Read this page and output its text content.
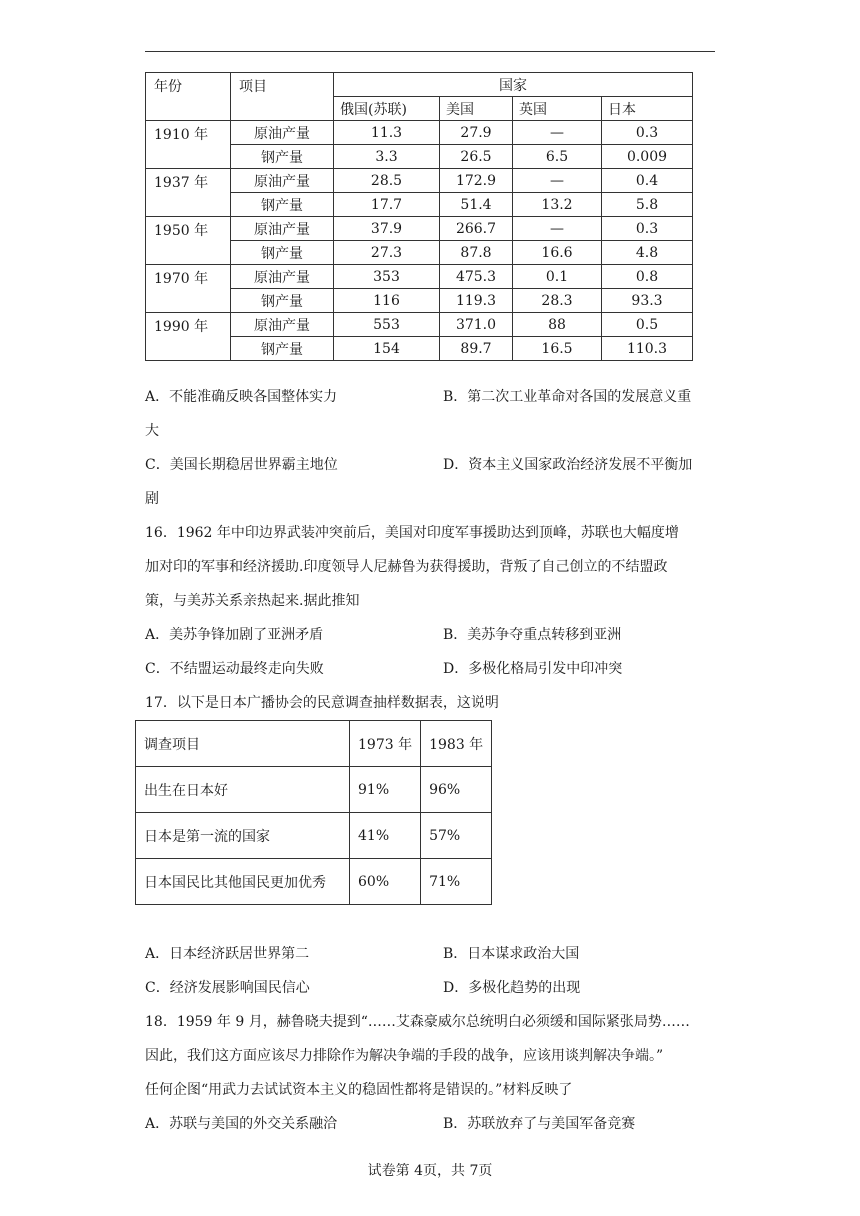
年份	项目	国家			
		俄国(苏联)	美国	英国	日本
1910 年	原油产量	11.3	27.9	—	0.3
	钢产量	3.3	26.5	6.5	0.009
1937 年	原油产量	28.5	172.9	—	0.4
	钢产量	17.7	51.4	13.2	5.8
1950 年	原油产量	37.9	266.7	—	0.3
	钢产量	27.3	87.8	16.6	4.8
1970 年	原油产量	353	475.3	0.1	0.8
	钢产量	116	119.3	28.3	93.3
1990 年	原油产量	553	371.0	88	0.5
	钢产量	154	89.7	16.5	110.3
A．不能准确反映各国整体实力	B．第二次工业革命对各国的发展意义重
大
C．美国长期稳居世界霸主地位	D．资本主义国家政治经济发展不平衡加
剧
16．1962 年中印边界武装冲突前后，美国对印度军事援助达到顶峰，苏联也大幅度增
加对印的军事和经济援助.印度领导人尼赫鲁为获得援助，背叛了自己创立的不结盟政
策，与美苏关系亲热起来.据此推知
A．美苏争锋加剧了亚洲矛盾	B．美苏争夺重点转移到亚洲
C．不结盟运动最终走向失败	D．多极化格局引发中印冲突
17．以下是日本广播协会的民意调查抽样数据表，这说明
调查项目	1973 年	1983 年
出生在日本好	91%	96%
日本是第一流的国家	41%	57%
日本国民比其他国民更加优秀	60%	71%
A．日本经济跃居世界第二	B．日本谋求政治大国
C．经济发展影响国民信心	D．多极化趋势的出现
18．1959 年 9 月，赫鲁晓夫提到“……艾森豪威尔总统明白必须缓和国际紧张局势……
因此，我们这方面应该尽力排除作为解决争端的手段的战争，应该用谈判解决争端。”
任何企图“用武力去试试资本主义的稳固性都将是错误的。”材料反映了
A．苏联与美国的外交关系融洽	B．苏联放弃了与美国军备竞赛
试卷第 4页，共 7页
